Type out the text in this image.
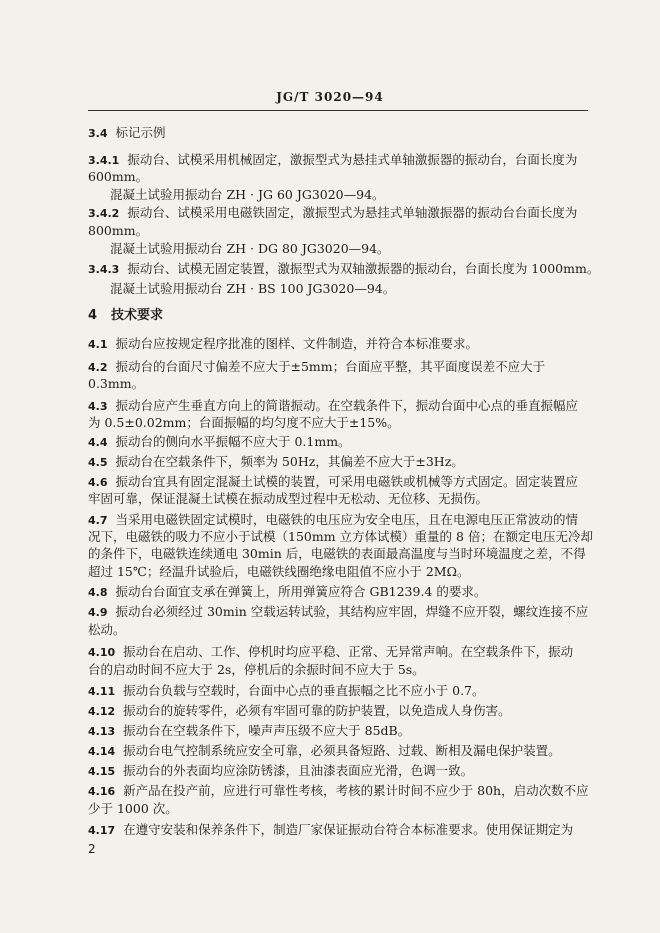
JG/T 3020—94
3.4 标记示例
3.4.1 振动台、试模采用机械固定，激振型式为悬挂式单轴激振器的振动台，台面长度为
600mm。
混凝土试验用振动台 ZH · JG 60 JG3020—94。
3.4.2 振动台、试模采用电磁铁固定，激振型式为悬挂式单轴激振器的振动台台面长度为
800mm。
混凝土试验用振动台 ZH · DG 80 JG3020—94。
3.4.3 振动台、试模无固定装置，激振型式为双轴激振器的振动台，台面长度为 1000mm。
混凝土试验用振动台 ZH · BS 100 JG3020—94。
4 技术要求
4.1 振动台应按规定程序批准的图样、文件制造，并符合本标准要求。
4.2 振动台的台面尺寸偏差不应大于±5mm；台面应平整，其平面度误差不应大于
0.3mm。
4.3 振动台应产生垂直方向上的简谐振动。在空载条件下，振动台面中心点的垂直振幅应
为 0.5±0.02mm；台面振幅的均匀度不应大于±15%。
4.4 振动台的侧向水平振幅不应大于 0.1mm。
4.5 振动台在空载条件下，频率为 50Hz，其偏差不应大于±3Hz。
4.6 振动台宜具有固定混凝土试模的装置，可采用电磁铁或机械等方式固定。固定装置应
牢固可靠，保证混凝土试模在振动成型过程中无松动、无位移、无损伤。
4.7 当采用电磁铁固定试模时，电磁铁的电压应为安全电压，且在电源电压正常波动的情
况下，电磁铁的吸力不应小于试模（150mm 立方体试模）重量的 8 倍；在额定电压无冷却
的条件下，电磁铁连续通电 30min 后，电磁铁的表面最高温度与当时环境温度之差，不得
超过 15℃；经温升试验后，电磁铁线圈绝缘电阻值不应小于 2MΩ。
4.8 振动台台面宜支承在弹簧上，所用弹簧应符合 GB1239.4 的要求。
4.9 振动台必须经过 30min 空载运转试验，其结构应牢固，焊缝不应开裂，螺纹连接不应
松动。
4.10 振动台在启动、工作、停机时均应平稳、正常、无异常声响。在空载条件下，振动
台的启动时间不应大于 2s，停机后的余振时间不应大于 5s。
4.11 振动台负载与空载时，台面中心点的垂直振幅之比不应小于 0.7。
4.12 振动台的旋转零件，必须有牢固可靠的防护装置，以免造成人身伤害。
4.13 振动台在空载条件下，噪声声压级不应大于 85dB。
4.14 振动台电气控制系统应安全可靠，必须具备短路、过载、断相及漏电保护装置。
4.15 振动台的外表面均应涂防锈漆，且油漆表面应光滑，色调一致。
4.16 新产品在投产前，应进行可靠性考核，考核的累计时间不应少于 80h，启动次数不应
少于 1000 次。
4.17 在遵守安装和保养条件下，制造厂家保证振动台符合本标准要求。使用保证期定为
2
